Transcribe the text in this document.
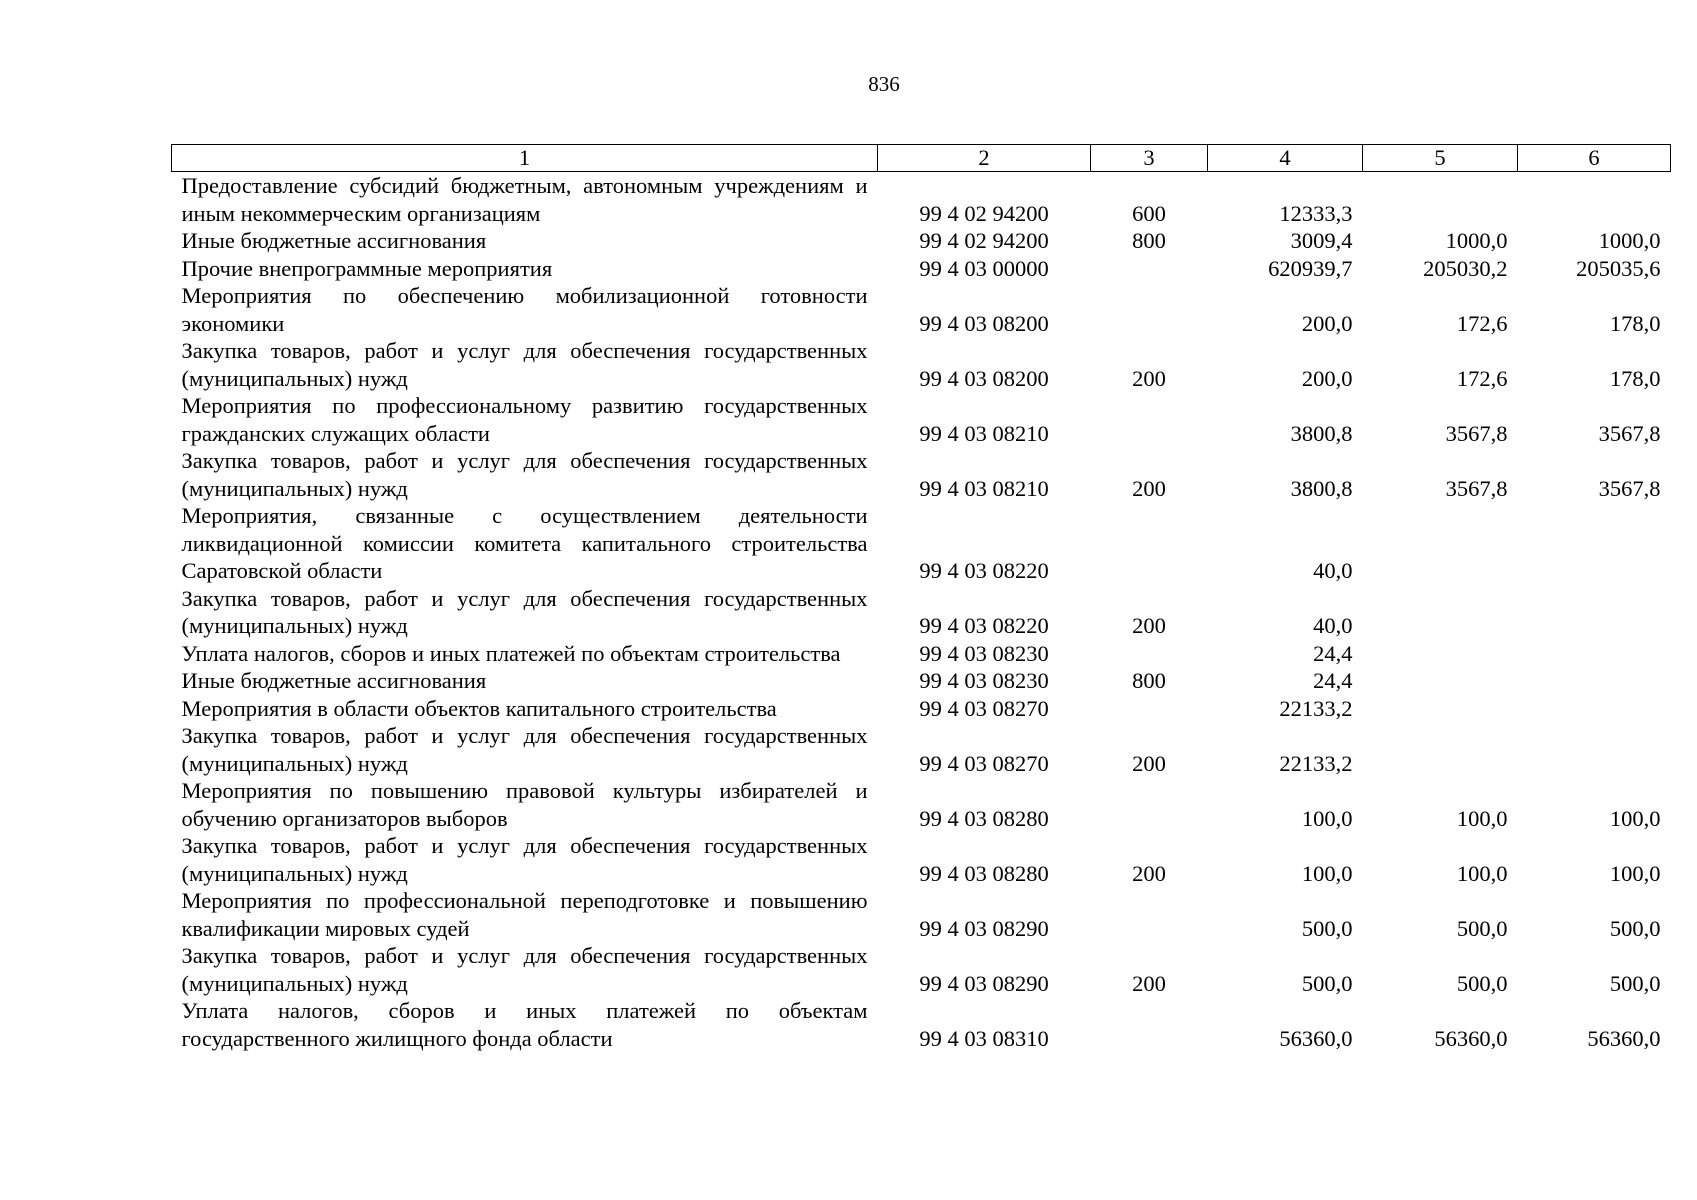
836
1	2	3	4	5	6
Предоставление субсидий бюджетным, автономным учреждениям и иным некоммерческим организациям	99 4 02 94200	600	12333,3		
Иные бюджетные ассигнования	99 4 02 94200	800	3009,4	1000,0	1000,0
Прочие внепрограммные мероприятия	99 4 03 00000		620939,7	205030,2	205035,6
Мероприятия по обеспечению мобилизационной готовности экономики	99 4 03 08200		200,0	172,6	178,0
Закупка товаров, работ и услуг для обеспечения государственных (муниципальных) нужд	99 4 03 08200	200	200,0	172,6	178,0
Мероприятия по профессиональному развитию государственных гражданских служащих области	99 4 03 08210		3800,8	3567,8	3567,8
Закупка товаров, работ и услуг для обеспечения государственных (муниципальных) нужд	99 4 03 08210	200	3800,8	3567,8	3567,8
Мероприятия, связанные с осуществлением деятельности ликвидационной комиссии комитета капитального строительства Саратовской области	99 4 03 08220		40,0		
Закупка товаров, работ и услуг для обеспечения государственных (муниципальных) нужд	99 4 03 08220	200	40,0		
Уплата налогов, сборов и иных платежей по объектам строительства	99 4 03 08230		24,4		
Иные бюджетные ассигнования	99 4 03 08230	800	24,4		
Мероприятия в области объектов капитального строительства	99 4 03 08270		22133,2		
Закупка товаров, работ и услуг для обеспечения государственных (муниципальных) нужд	99 4 03 08270	200	22133,2		
Мероприятия по повышению правовой культуры избирателей и обучению организаторов выборов	99 4 03 08280		100,0	100,0	100,0
Закупка товаров, работ и услуг для обеспечения государственных (муниципальных) нужд	99 4 03 08280	200	100,0	100,0	100,0
Мероприятия по профессиональной переподготовке и повышению квалификации мировых судей	99 4 03 08290		500,0	500,0	500,0
Закупка товаров, работ и услуг для обеспечения государственных (муниципальных) нужд	99 4 03 08290	200	500,0	500,0	500,0
Уплата налогов, сборов и иных платежей по объектам государственного жилищного фонда области	99 4 03 08310		56360,0	56360,0	56360,0
